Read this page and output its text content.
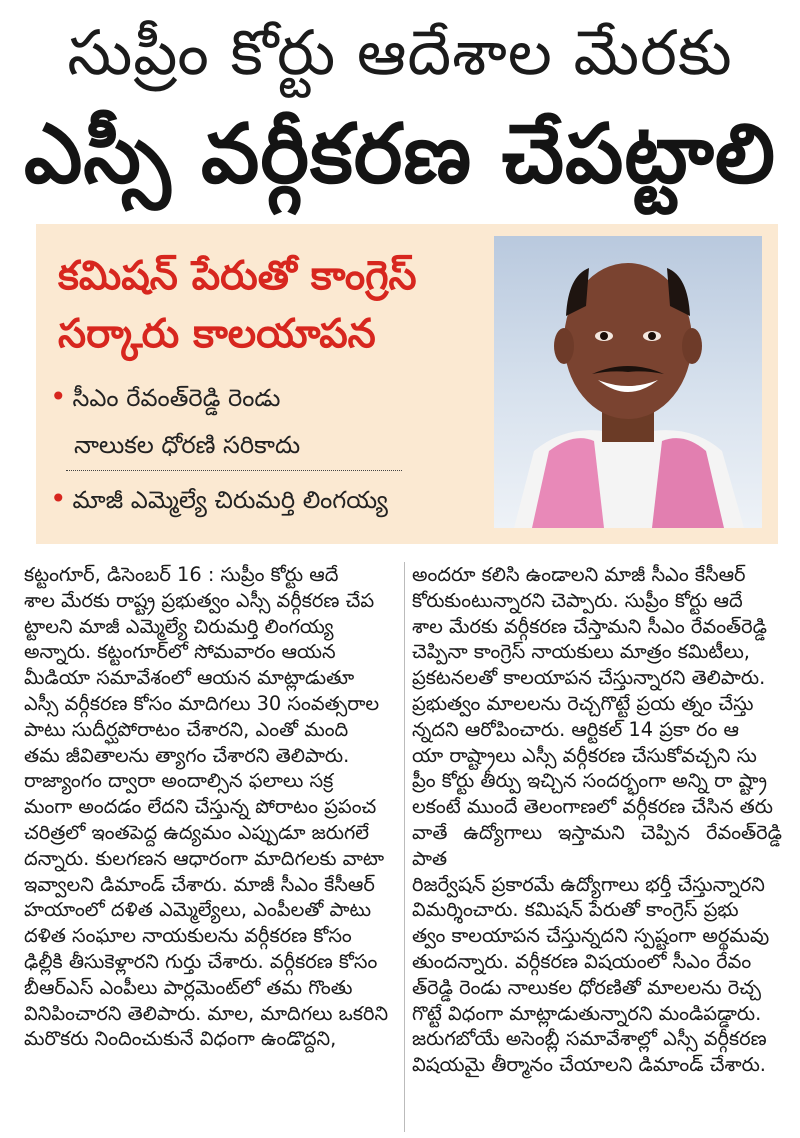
సుప్రీం కోర్టు ఆదేశాల మేరకు
ఎస్సీ వర్గీకరణ చేపట్టాలి
కమిషన్ పేరుతో కాంగ్రెస్
సర్కారు కాలయాపన
• సీఎం రేవంత్‌రెడ్డి రెండు
నాలుకల ధోరణి సరికాదు
• మాజీ ఎమ్మెల్యే చిరుమర్తి లింగయ్య

కట్టంగూర్, డిసెంబర్ 16 : సుప్రీం కోర్టు ఆదే
శాల మేరకు రాష్ట్ర ప్రభుత్వం ఎస్సీ వర్గీకరణ చేప
ట్టాలని మాజీ ఎమ్మెల్యే చిరుమర్తి లింగయ్య
అన్నారు. కట్టంగూర్‌లో సోమవారం ఆయన
మీడియా సమావేశంలో ఆయన మాట్లాడుతూ
ఎస్సీ వర్గీకరణ కోసం మాదిగలు 30 సంవత్సరాల
పాటు సుదీర్ఘపోరాటం చేశారని, ఎంతో మంది
తమ జీవితాలను త్యాగం చేశారని తెలిపారు.
రాజ్యాంగం ద్వారా అందాల్సిన ఫలాలు సక్ర
మంగా అందడం లేదని చేస్తున్న పోరాటం ప్రపంచ
చరిత్రలో ఇంతపెద్ద ఉద్యమం ఎప్పుడూ జరుగలే
దన్నారు. కులగణన ఆధారంగా మాదిగలకు వాటా
ఇవ్వాలని డిమాండ్ చేశారు. మాజీ సీఎం కేసీఆర్
హయాంలో దళిత ఎమ్మెల్యేలు, ఎంపీలతో పాటు
దళిత సంఘాల నాయకులను వర్గీకరణ కోసం
ఢిల్లీకి తీసుకెళ్లారని గుర్తు చేశారు. వర్గీకరణ కోసం
బీఆర్ఎస్ ఎంపీలు పార్లమెంట్‌లో తమ గొంతు
వినిపించారని తెలిపారు. మాల, మాదిగలు ఒకరిని
మరొకరు నిందించుకునే విధంగా ఉండొద్దని,

అందరూ కలిసి ఉండాలని మాజీ సీఎం కేసీఆర్
కోరుకుంటున్నారని చెప్పారు. సుప్రీం కోర్టు ఆదే
శాల మేరకు వర్గీకరణ చేస్తామని సీఎం రేవంత్‌రెడ్డి
చెప్పినా కాంగ్రెస్ నాయకులు మాత్రం కమిటీలు,
ప్రకటనలతో కాలయాపన చేస్తున్నారని తెలిపారు.
ప్రభుత్వం మాలలను రెచ్చగొట్టే ప్రయ త్నం చేస్తు
న్నదని ఆరోపించారు. ఆర్టికల్ 14 ప్రకా రం ఆ
యా రాష్ట్రాలు ఎస్సీ వర్గీకరణ చేసుకోవచ్చని సు
ప్రీం కోర్టు తీర్పు ఇచ్చిన సందర్భంగా అన్ని రా ష్ట్రా
లకంటే ముందే తెలంగాణలో వర్గీకరణ చేసిన తరు
వాతే ఉద్యోగాలు ఇస్తామని చెప్పిన రేవంత్‌రెడ్డి పాత
రిజర్వేషన్ ప్రకారమే ఉద్యోగాలు భర్తీ చేస్తున్నారని
విమర్శించారు. కమిషన్ పేరుతో కాంగ్రెస్ ప్రభు
త్వం కాలయాపన చేస్తున్నదని స్పష్టంగా అర్థమవు
తుందన్నారు. వర్గీకరణ విషయంలో సీఎం రేవం
త్‌రెడ్డి రెండు నాలుకల ధోరణితో మాలలను రెచ్చ
గొట్టే విధంగా మాట్లాడుతున్నారని మండిపడ్డారు.
జరుగబోయే అసెంబ్లీ సమావేశాల్లో ఎస్సీ వర్గీకరణ
విషయమై తీర్మానం చేయాలని డిమాండ్ చేశారు.
